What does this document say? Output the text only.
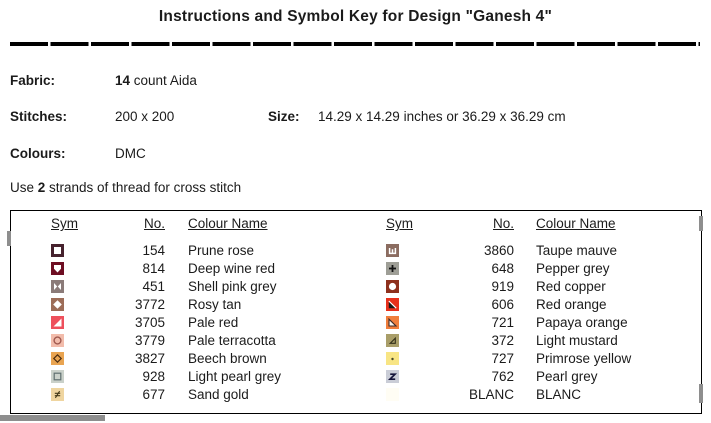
Instructions and Symbol Key for Design "Ganesh 4"
Fabric:	14 count Aida
Stitches:	200 x 200	Size: 14.29 x 14.29 inches or 36.29 x 36.29 cm
Colours:	DMC
Use 2 strands of thread for cross stitch
Sym	No.	Colour Name
154	Prune rose
814	Deep wine red
451	Shell pink grey
3772	Rosy tan
3705	Pale red
3779	Pale terracotta
3827	Beech brown
928	Light pearl grey
677	Sand gold
Sym	No.	Colour Name
3860	Taupe mauve
648	Pepper grey
919	Red copper
606	Red orange
721	Papaya orange
372	Light mustard
727	Primrose yellow
762	Pearl grey
BLANC	BLANC
